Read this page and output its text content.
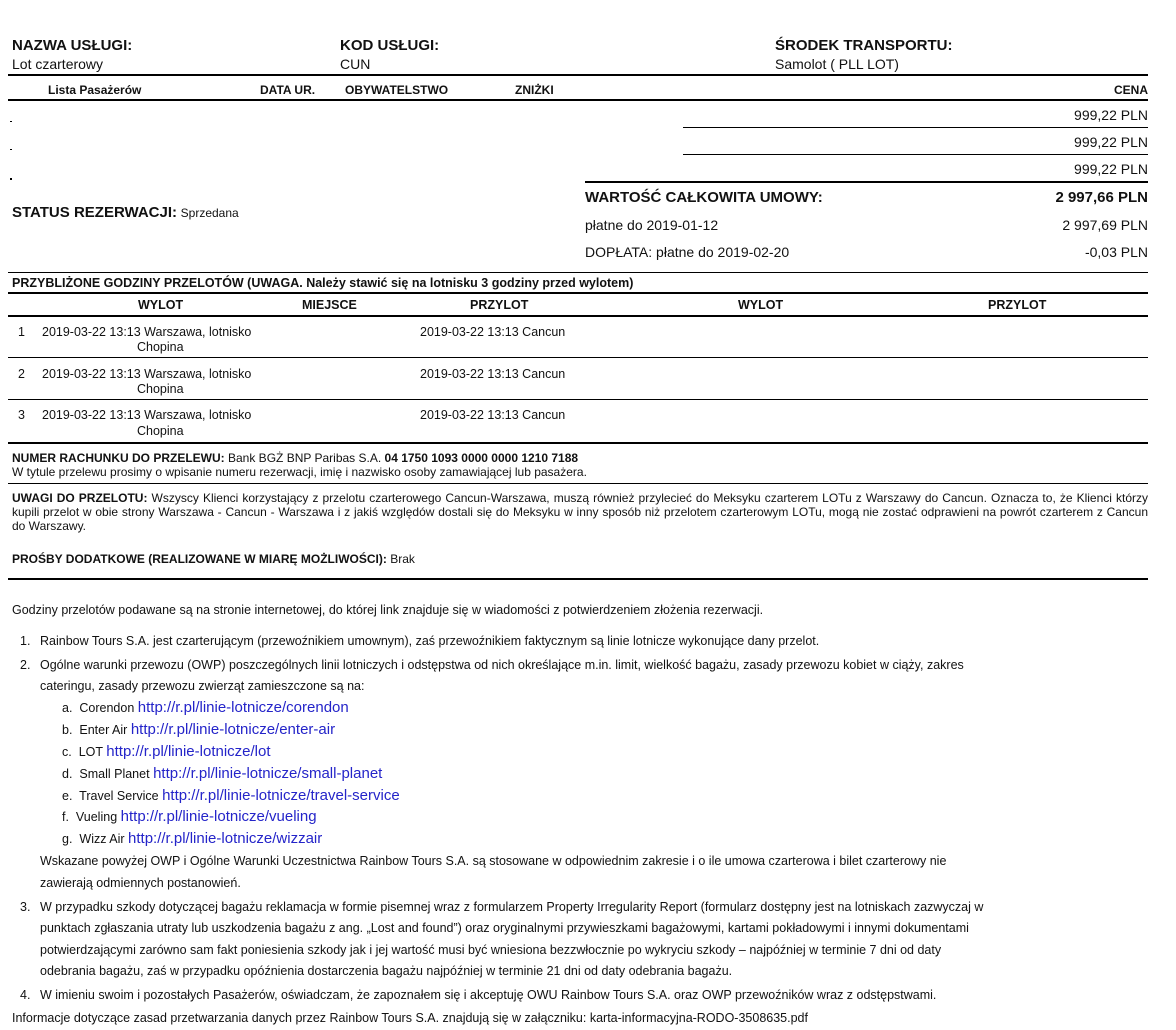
NAZWA USŁUGI:
Lot czarterowy
KOD USŁUGI:
CUN
ŚRODEK TRANSPORTU:
Samolot ( PLL LOT)
Lista Pasażerów	DATA UR. OBYWATELSTWO	ZNIŻKI	CENA
999,22 PLN
999,22 PLN
999,22 PLN
STATUS REZERWACJI: Sprzedana
WARTOŚĆ CAŁKOWITA UMOWY:	2 997,66 PLN
płatne do 2019-01-12	2 997,69 PLN
DOPŁATA: płatne do 2019-02-20	-0,03 PLN
PRZYBLIŻONE GODZINY PRZELOTÓW (UWAGA. Należy stawić się na lotnisku 3 godziny przed wylotem)
WYLOT	MIEJSCE	PRZYLOT	WYLOT	PRZYLOT
1 2019-03-22 13:13 Warszawa, lotnisko
Chopina
2019-03-22 13:13 Cancun
2 2019-03-22 13:13 Warszawa, lotnisko
Chopina
2019-03-22 13:13 Cancun
3 2019-03-22 13:13 Warszawa, lotnisko
Chopina
2019-03-22 13:13 Cancun
NUMER RACHUNKU DO PRZELEWU: Bank BGŻ BNP Paribas S.A. 04 1750 1093 0000 0000 1210 7188
W tytule przelewu prosimy o wpisanie numeru rezerwacji, imię i nazwisko osoby zamawiającej lub pasażera.
UWAGI DO PRZELOTU: Wszyscy Klienci korzystający z przelotu czarterowego Cancun-Warszawa, muszą również przylecieć do Meksyku czarterem LOTu z Warszawy do Cancun. Oznacza to, że Klienci którzy kupili przelot w obie strony Warszawa - Cancun - Warszawa i z jakiś względów dostali się do Meksyku w inny sposób niż przelotem czarterowym LOTu, mogą nie zostać odprawieni na powrót czarterem z Cancun do Warszawy.
PROŚBY DODATKOWE (REALIZOWANE W MIARĘ MOŻLIWOŚCI): Brak
Godziny przelotów podawane są na stronie internetowej, do której link znajduje się w wiadomości z potwierdzeniem złożenia rezerwacji.
1. Rainbow Tours S.A. jest czarterującym (przewoźnikiem umownym), zaś przewoźnikiem faktycznym są linie lotnicze wykonujące dany przelot.
2. Ogólne warunki przewozu (OWP) poszczególnych linii lotniczych i odstępstwa od nich określające m.in. limit, wielkość bagażu, zasady przewozu kobiet w ciąży, zakres
cateringu, zasady przewozu zwierząt zamieszczone są na:
a. Corendon http://r.pl/linie-lotnicze/corendon
b. Enter Air http://r.pl/linie-lotnicze/enter-air
c. LOT http://r.pl/linie-lotnicze/lot
d. Small Planet http://r.pl/linie-lotnicze/small-planet
e. Travel Service http://r.pl/linie-lotnicze/travel-service
f. Vueling http://r.pl/linie-lotnicze/vueling
g. Wizz Air http://r.pl/linie-lotnicze/wizzair
Wskazane powyżej OWP i Ogólne Warunki Uczestnictwa Rainbow Tours S.A. są stosowane w odpowiednim zakresie i o ile umowa czarterowa i bilet czarterowy nie
zawierają odmiennych postanowień.
3. W przypadku szkody dotyczącej bagażu reklamacja w formie pisemnej wraz z formularzem Property Irregularity Report (formularz dostępny jest na lotniskach zazwyczaj w
punktach zgłaszania utraty lub uszkodzenia bagażu z ang. „Lost and found”) oraz oryginalnymi przywieszkami bagażowymi, kartami pokładowymi i innymi dokumentami
potwierdzającymi zarówno sam fakt poniesienia szkody jak i jej wartość musi być wniesiona bezzwłocznie po wykryciu szkody – najpóźniej w terminie 7 dni od daty
odebrania bagażu, zaś w przypadku opóźnienia dostarczenia bagażu najpóźniej w terminie 21 dni od daty odebrania bagażu.
4. W imieniu swoim i pozostałych Pasażerów, oświadczam, że zapoznałem się i akceptuję OWU Rainbow Tours S.A. oraz OWP przewoźników wraz z odstępstwami.
Informacje dotyczące zasad przetwarzania danych przez Rainbow Tours S.A. znajdują się w załączniku: karta-informacyjna-RODO-3508635.pdf
